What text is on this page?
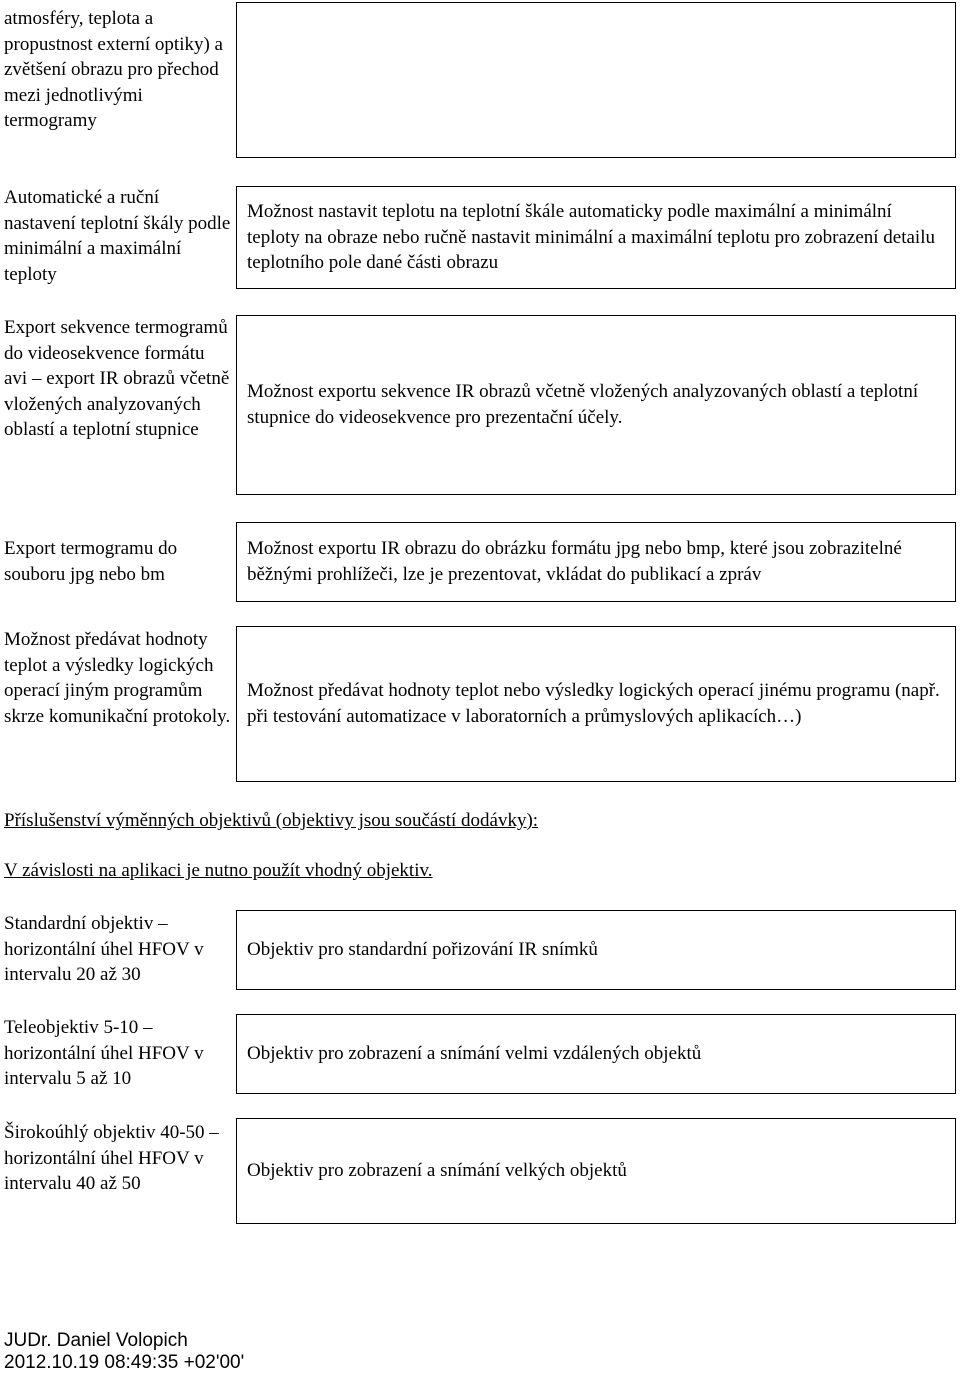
atmosféry, teplota a propustnost externí optiky) a zvětšení obrazu pro přechod mezi jednotlivými termogramy

Automatické a ruční nastavení teplotní škály podle minimální a maximální teploty

Možnost nastavit teplotu na teplotní škále automaticky podle maximální a minimální teploty na obraze nebo ručně nastavit minimální a maximální teplotu pro zobrazení detailu teplotního pole dané části obrazu

Export sekvence termogramů do videosekvence formátu avi – export IR obrazů včetně vložených analyzovaných oblastí a teplotní stupnice

Možnost exportu sekvence IR obrazů včetně vložených analyzovaných oblastí a teplotní stupnice do videosekvence pro prezentační účely.

Export termogramu do souboru jpg nebo bm

Možnost exportu IR obrazu do obrázku formátu jpg nebo bmp, které jsou zobrazitelné běžnými prohlížeči, lze je prezentovat, vkládat do publikací a zpráv

Možnost předávat hodnoty teplot a výsledky logických operací jiným programům skrze komunikační protokoly.

Možnost předávat hodnoty teplot nebo výsledky logických operací jinému programu (např. při testování automatizace v laboratorních a průmyslových aplikacích…)

Příslušenství výměnných objektivů (objektivy jsou součástí dodávky):

V závislosti na aplikaci je nutno použít vhodný objektiv.

Standardní objektiv – horizontální úhel HFOV v intervalu 20 až 30

Objektiv pro standardní pořizování IR snímků

Teleobjektiv 5-10 – horizontální úhel HFOV v intervalu 5 až 10

Objektiv pro zobrazení a snímání velmi vzdálených objektů

Širokoúhlý objektiv 40-50 – horizontální úhel HFOV v intervalu 40 až 50

Objektiv pro zobrazení a snímání velkých objektů

JUDr. Daniel Volopich
2012.10.19 08:49:35 +02'00'
